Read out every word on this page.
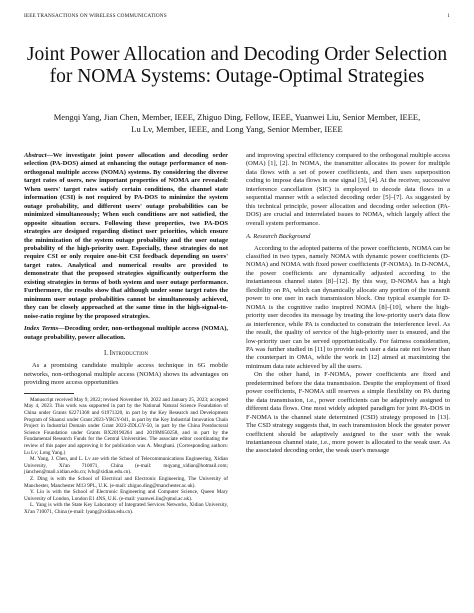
IEEE TRANSACTIONS ON WIRELESS COMMUNICATIONS	1
Joint Power Allocation and Decoding Order Selection for NOMA Systems: Outage-Optimal Strategies
Mengqi Yang, Jian Chen, Member, IEEE, Zhiguo Ding, Fellow, IEEE, Yuanwei Liu, Senior Member, IEEE,
Lu Lv, Member, IEEE, and Long Yang, Senior Member, IEEE
Abstract—We investigate joint power allocation and decoding order selection (PA-DOS) aimed at enhancing the outage performance of non-orthogonal multiple access (NOMA) systems. By considering the diverse target rates of users, new important properties of NOMA are revealed: When users' target rates satisfy certain conditions, the channel state information (CSI) is not required by PA-DOS to minimize the system outage probability, and different users' outage probabilities can be minimized simultaneously; When such conditions are not satisfied, the opposite situation occurs. Following these properties, two PA-DOS strategies are designed regarding distinct user priorities, which ensure the minimization of the system outage probability and the user outage probability of the high-priority user. Especially, these strategies do not require CSI or only require one-bit CSI feedback depending on users' target rates. Analytical and numerical results are provided to demonstrate that the proposed strategies significantly outperform the existing strategies in terms of both system and user outage performance. Furthermore, the results show that although under some target rates the minimum user outage probabilities cannot be simultaneously achieved, they can be closely approached at the same time in the high-signal-to-noise-ratio regime by the proposed strategies.
Index Terms—Decoding order, non-orthogonal multiple access (NOMA), outage probability, power allocation.
I. Introduction

As a promising candidate multiple access technique in 6G mobile networks, non-orthogonal multiple access (NOMA) shows its advantages on providing more access opportunities

Manuscript received May 9, 2022; revised November 16, 2022 and January 25, 2023; accepted May 4, 2023. This work was supported in part by the National Natural Science Foundation of China under Grants 62271368 and 61971320, in part by the Key Research and Development Program of Shaanxi under Grant 2023-YBGY-041, in part by the Key Industrial Innovation Chain Project in Industrial Domain under Grant 2023-ZDLGY-50, in part by the China Postdoctoral Science Foundation under Grants BX20190264 and 2019M650258, and in part by the Fundamental Research Funds for the Central Universities. The associate editor coordinating the review of this paper and approving it for publication was A. Mezghani. (Corresponding authors: Lu Lv; Long Yang.)

M. Yang, J. Chen, and L. Lv are with the School of Telecommunications Engineering, Xidian University, Xi'an 710071, China (e-mail: mqyang_xidian@hotmail.com; jianchen@mail.xidian.edu.cn; lvlu@xidian.edu.cn).

Z. Ding is with the School of Electrical and Electronic Engineering, The University of Manchester, Manchester M13 9PL, U.K. (e-mail: zhiguo.ding@manchester.ac.uk).

Y. Liu is with the School of Electronic Engineering and Computer Science, Queen Mary University of London, London E1 4NS, U.K. (e-mail: yuanwei.liu@qmul.ac.uk).

L. Yang is with the State Key Laboratory of Integrated Services Networks, Xidian University, Xi'an 710071, China (e-mail: lyang@xidian.edu.cn).

and improving spectral efficiency compared to the orthogonal multiple access (OMA) [1], [2]. In NOMA, the transmitter allocates its power for multiple data flows with a set of power coefficients, and then uses superposition coding to impose data flows in one signal [3], [4]. At the receiver, successive interference cancellation (SIC) is employed to decode data flows in a sequential manner with a selected decoding order [5]–[7]. As suggested by this technical principle, power allocation and decoding order selection (PA-DOS) are crucial and interrelated issues to NOMA, which largely affect the overall system performance.

A. Research Background

According to the adopted patterns of the power coefficients, NOMA can be classified in two types, namely NOMA with dynamic power coefficients (D-NOMA) and NOMA with fixed power coefficients (F-NOMA). In D-NOMA, the power coefficients are dynamically adjusted according to the instantaneous channel states [8]–[12]. By this way, D-NOMA has a high flexibility on PA, which can dynamically allocate any portion of the transmit power to one user in each transmission block. One typical example for D-NOMA is the cognitive radio inspired NOMA [8]–[10], where the high-priority user decodes its message by treating the low-priority user's data flow as interference, while PA is conducted to constrain the interference level. As the result, the quality of service of the high-priority user is ensured, and the low-priority user can be served opportunistically. For fairness consideration, PA was further studied in [11] to provide each user a data rate not lower than the counterpart in OMA, while the work in [12] aimed at maximizing the minimum data rate achieved by all the users.

On the other hand, in F-NOMA, power coefficients are fixed and predetermined before the data transmission. Despite the employment of fixed power coefficients, F-NOMA still reserves a simple flexibility on PA during the data transmission, i.e., power coefficients can be adaptively assigned to different data flows. One most widely adopted paradigm for joint PA-DOS in F-NOMA is the channel state determined (CSD) strategy proposed in [13]. The CSD strategy suggests that, in each transmission block the greater power coefficient should be adaptively assigned to the user with the weak instantaneous channel state, i.e., more power is allocated to the weak user. As the associated decoding order, the weak user's message
